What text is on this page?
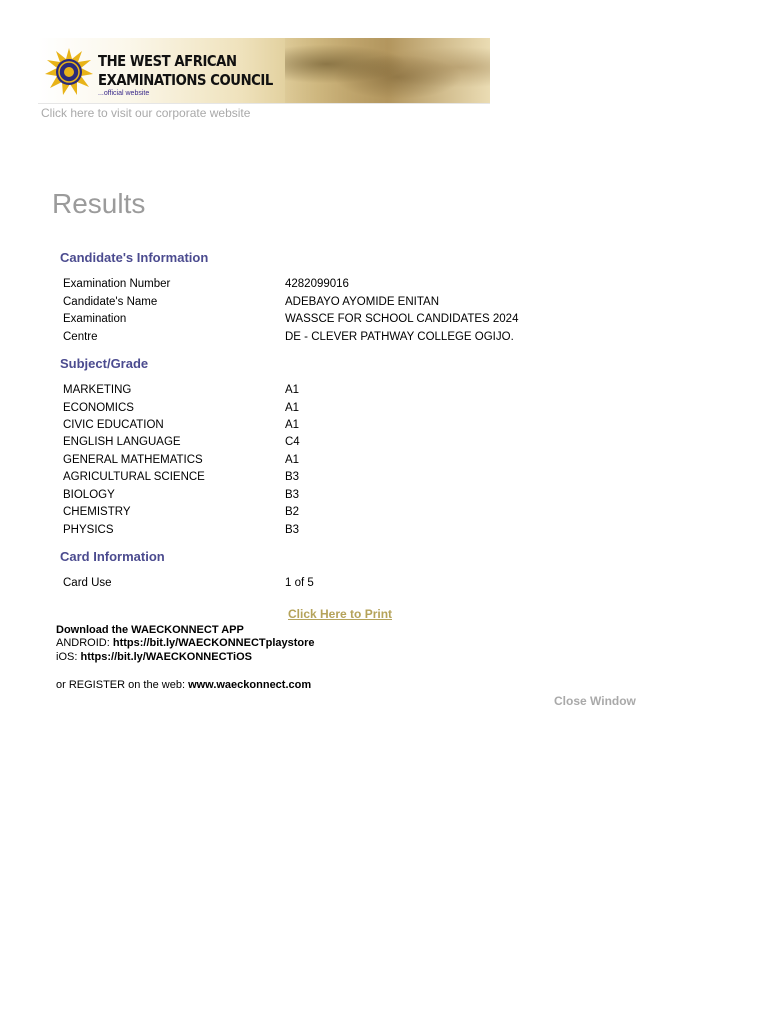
THE WEST AFRICAN
EXAMINATIONS COUNCIL
...official website
Click here to visit our corporate website
Results
Candidate's Information
Examination Number	4282099016
Candidate's Name	ADEBAYO AYOMIDE ENITAN
Examination	WASSCE FOR SCHOOL CANDIDATES 2024
Centre	DE - CLEVER PATHWAY COLLEGE OGIJO.
Subject/Grade
MARKETING	A1
ECONOMICS	A1
CIVIC EDUCATION	A1
ENGLISH LANGUAGE	C4
GENERAL MATHEMATICS	A1
AGRICULTURAL SCIENCE	B3
BIOLOGY	B3
CHEMISTRY	B2
PHYSICS	B3
Card Information
Card Use	1 of 5
Click Here to Print
Download the WAECKONNECT APP
ANDROID: https://bit.ly/WAECKONNECTplaystore
iOS: https://bit.ly/WAECKONNECTiOS
or REGISTER on the web: www.waeckonnect.com
Close Window
